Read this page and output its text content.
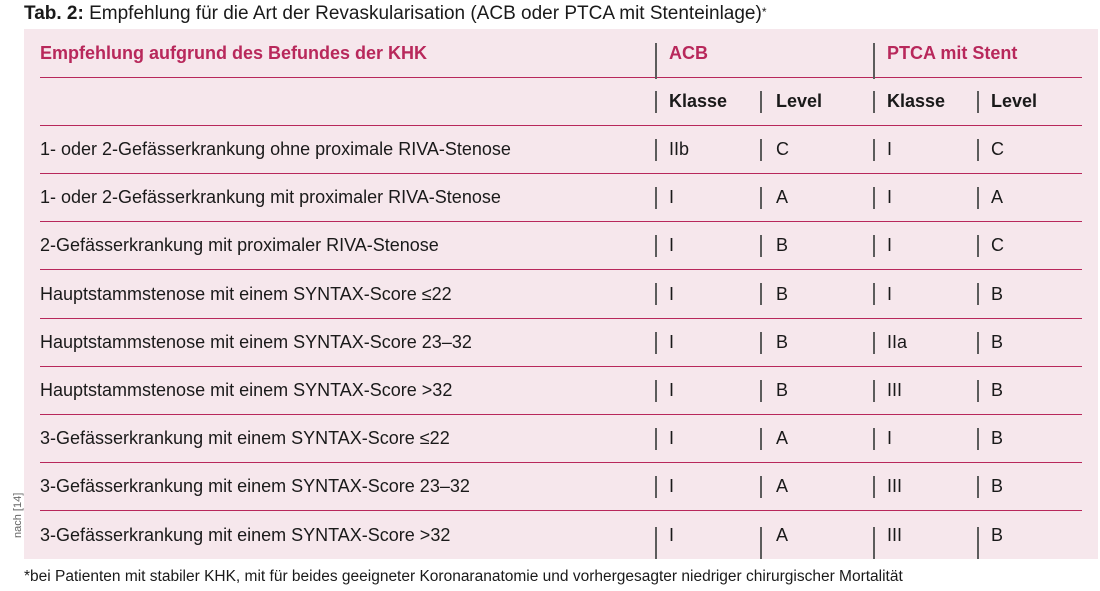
Tab. 2: Empfehlung für die Art der Revaskularisation (ACB oder PTCA mit Stenteinlage)*
nach [14]
Empfehlung aufgrund des Befundes der KHK	ACB	PTCA mit Stent
Klasse	Level	Klasse	Level
1- oder 2-Gefässerkrankung ohne proximale RIVA-Stenose	IIb	C	I	C
1- oder 2-Gefässerkrankung mit proximaler RIVA-Stenose	I	A	I	A
2-Gefässerkrankung mit proximaler RIVA-Stenose	I	B	I	C
Hauptstammstenose mit einem SYNTAX-Score ≤22	I	B	I	B
Hauptstammstenose mit einem SYNTAX-Score 23–32	I	B	IIa	B
Hauptstammstenose mit einem SYNTAX-Score >32	I	B	III	B
3-Gefässerkrankung mit einem SYNTAX-Score ≤22	I	A	I	B
3-Gefässerkrankung mit einem SYNTAX-Score 23–32	I	A	III	B
3-Gefässerkrankung mit einem SYNTAX-Score >32	I	A	III	B
*bei Patienten mit stabiler KHK, mit für beides geeigneter Koronaranatomie und vorhergesagter niedriger chirurgischer Mortalität
